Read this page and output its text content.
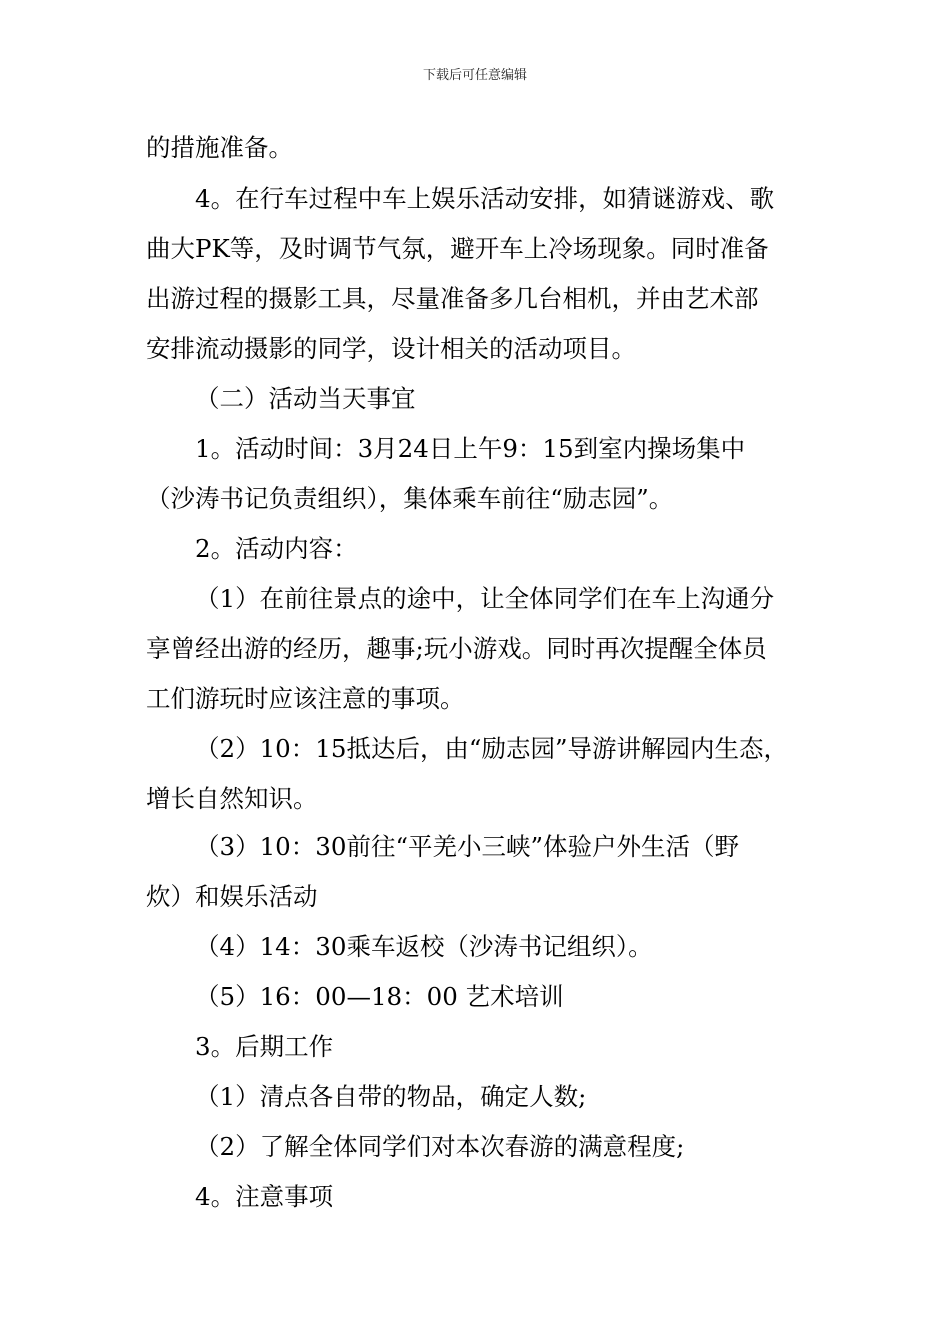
下载后可任意编辑
的措施准备。
4。在行车过程中车上娱乐活动安排，如猜谜游戏、歌
曲大PK等，及时调节气氛，避开车上冷场现象。同时准备
出游过程的摄影工具，尽量准备多几台相机，并由艺术部
安排流动摄影的同学，设计相关的活动项目。
（二）活动当天事宜
1。活动时间：3月24日上午9：15到室内操场集中
（沙涛书记负责组织），集体乘车前往“励志园”。
2。活动内容：
（1）在前往景点的途中，让全体同学们在车上沟通分
享曾经出游的经历，趣事;玩小游戏。同时再次提醒全体员
工们游玩时应该注意的事项。
（2）10：15抵达后，由“励志园”导游讲解园内生态，
增长自然知识。
（3）10：30前往“平羌小三峡”体验户外生活（野
炊）和娱乐活动
（4）14：30乘车返校（沙涛书记组织）。
（5）16：00—18：00 艺术培训
3。后期工作
（1）清点各自带的物品，确定人数;
（2）了解全体同学们对本次春游的满意程度;
4。注意事项
